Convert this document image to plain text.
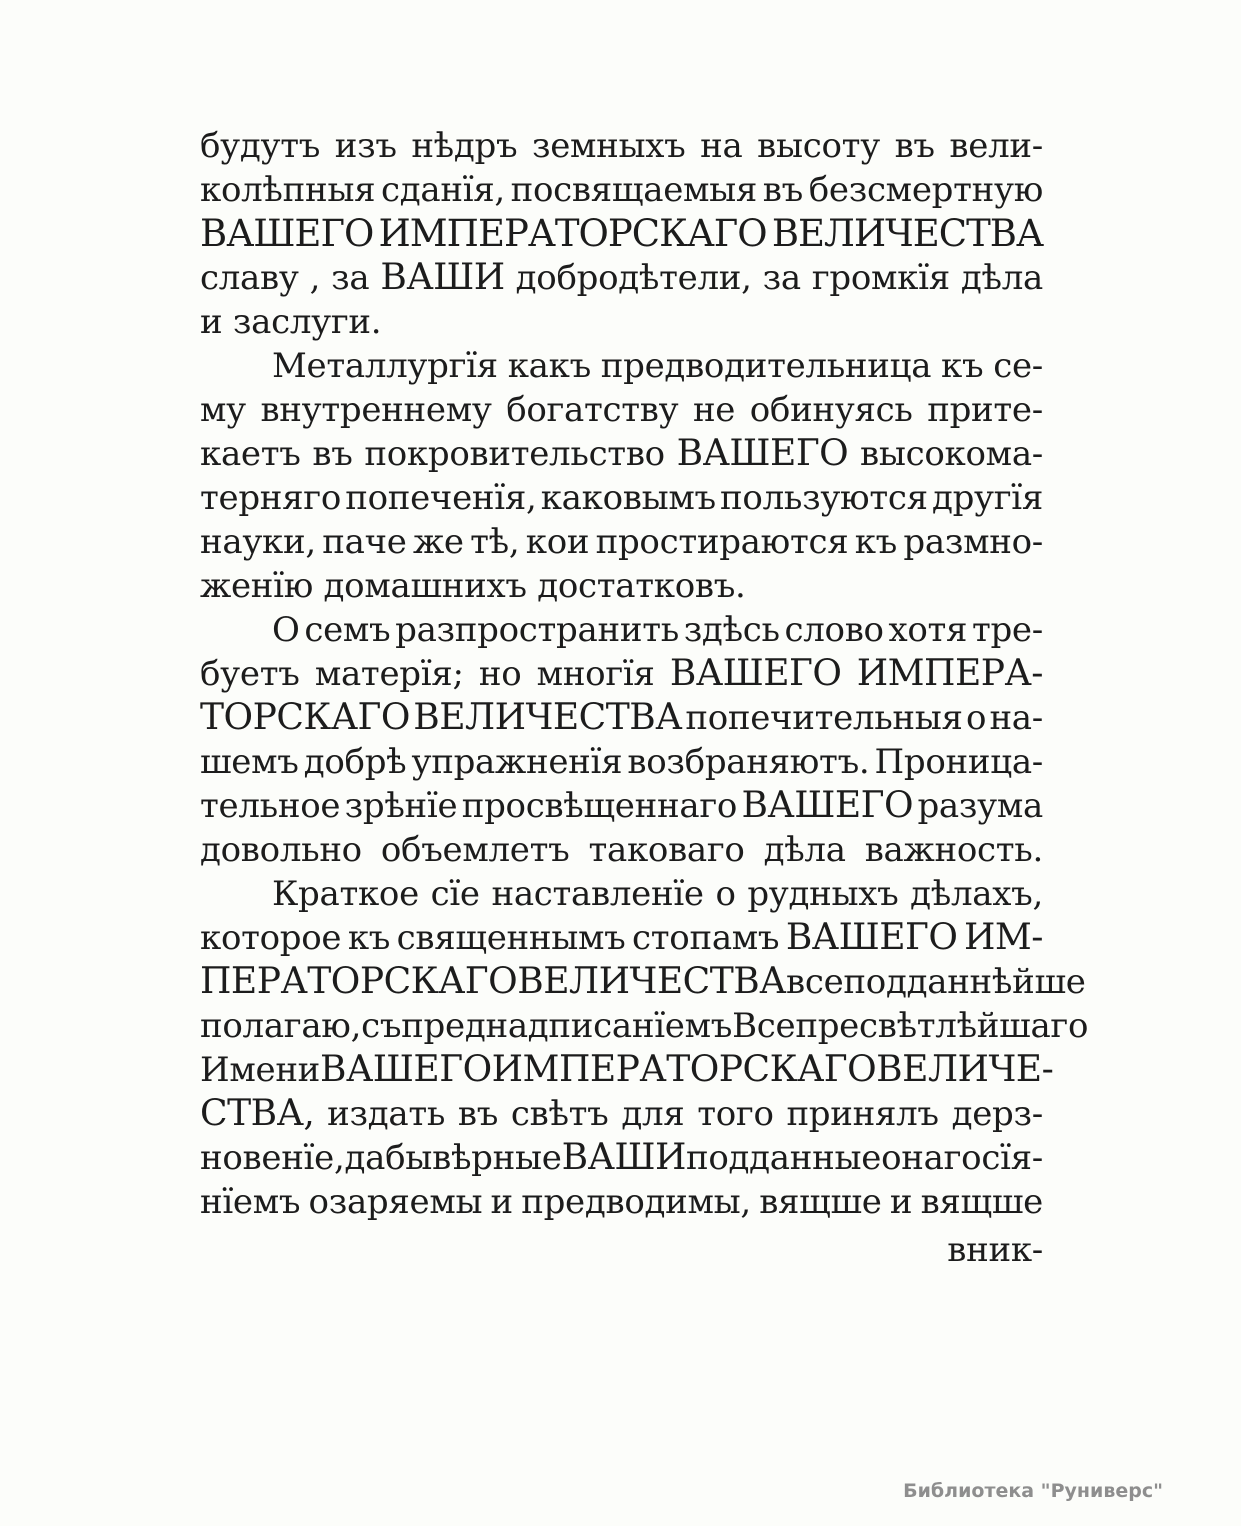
будутъ изъ нѣдръ земныхъ на высоту въ вели-
колѣпныя сданїя, посвящаемыя въ безсмертную
ВАШЕГО ИМПЕРАТОРСКАГО ВЕЛИЧЕСТВА
славу , за ВАШИ добродѣтели, за громкїя дѣла
и заслуги.
Металлургїя какъ предводительница къ се-
му внутреннему богатству не обинуясь прите-
каетъ въ покровительство ВАШЕГО высокома-
терняго попеченїя, каковымъ пользуются другїя
науки, паче же тѣ, кои простираются къ размно-
женїю домашнихъ достатковъ.
О семъ разпространить здѣсь слово хотя тре-
буетъ матерїя; но многїя ВАШЕГО ИМПЕРА-
ТОРСКАГО ВЕЛИЧЕСТВА попечительныя о на-
шемъ добрѣ упражненїя возбраняютъ. Проница-
тельное зрѣнїе просвѣщеннаго ВАШЕГО разума
довольно объемлетъ таковаго дѣла важность.
Краткое сїе наставленїе о рудныхъ дѣлахъ,
которое къ священнымъ стопамъ ВАШЕГО ИМ-
ПЕРАТОРСКАГО ВЕЛИЧЕСТВА всеподданнѣйше
полагаю, съ преднадписанїемъ Всепресвѣтлѣйшаго
Имени ВАШЕГО ИМПЕРАТОРСКАГО ВЕЛИЧЕ-
СТВА, издать въ свѣтъ для того принялъ дерз-
новенїе, дабы вѣрные ВАШИ подданные онаго сїя-
нїемъ озаряемы и предводимы, вящше и вящше
вник-
Библиотека "Руниверс"
